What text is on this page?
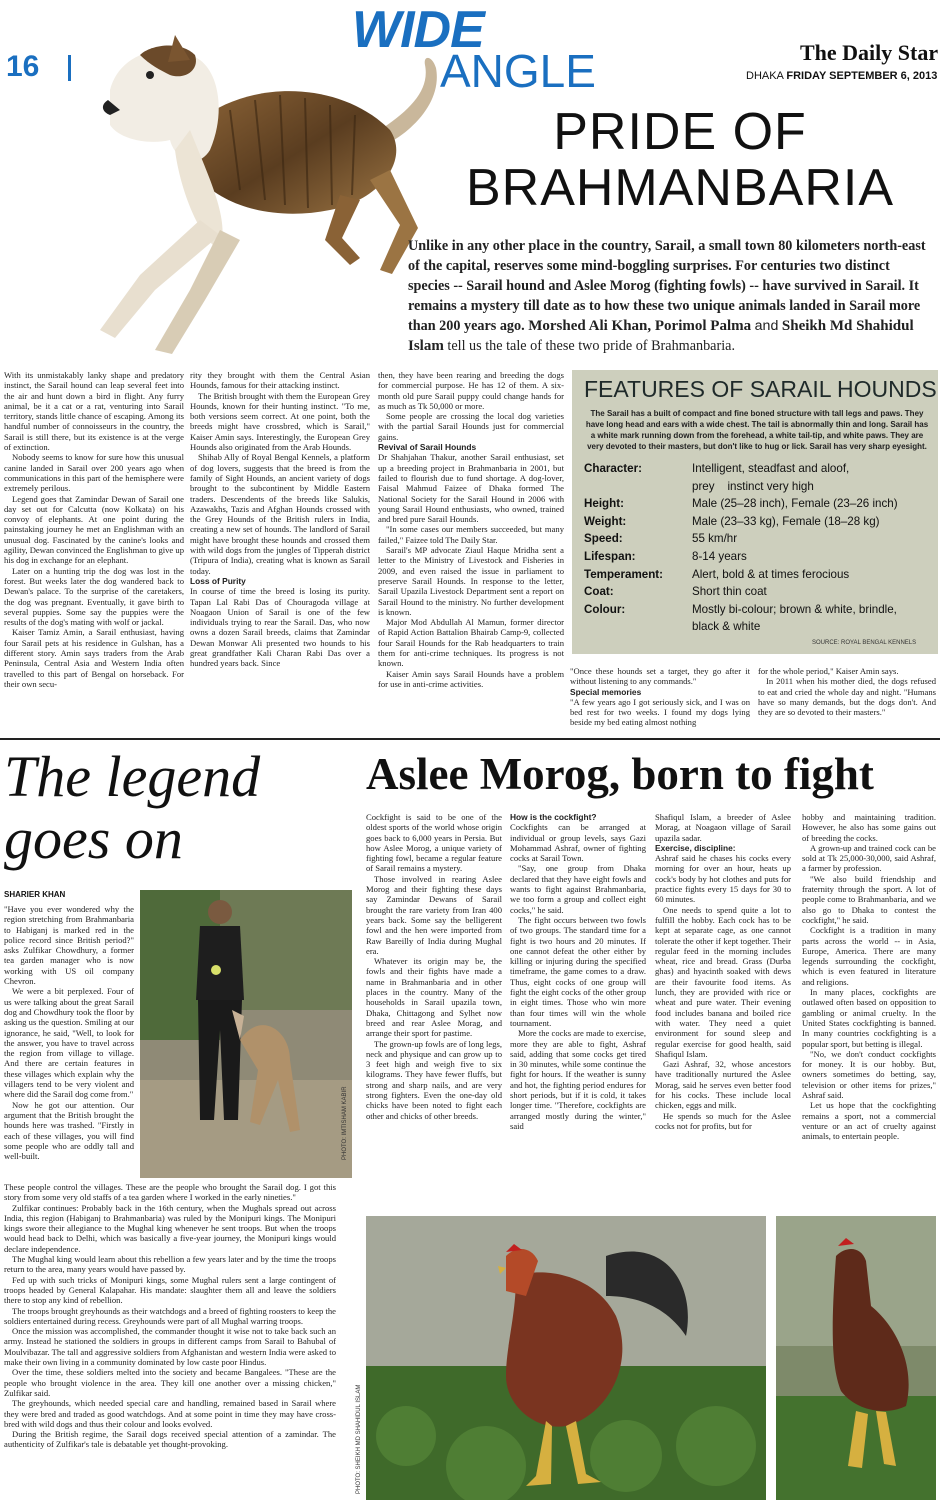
16
WIDE
ANGLE	The Daily Star
DHAKA FRIDAY SEPTEMBER 6, 2013
PRIDE OF
BRAHMANBARIA
Unlike in any other place in the country, Sarail, a small town 80 kilometers north-east of the capital, reserves some mind-boggling surprises. For centuries two distinct species -- Sarail hound and Aslee Morog (fighting fowls) -- have survived in Sarail. It remains a mystery till date as to how these two unique animals landed in Sarail more than 200 years ago. Morshed Ali Khan, Porimol Palma and Sheikh Md Shahidul Islam tell us the tale of these two pride of Brahmanbaria.

With its unmistakably lanky shape and predatory instinct, the Sarail hound can leap several feet into the air and hunt down a bird in flight. Any furry animal, be it a cat or a rat, venturing into Sarail territory, stands little chance of escaping. Among its handful number of connoisseurs in the country, the Sarail is still there, but its existence is at the verge of extinction.

Nobody seems to know for sure how this unusual canine landed in Sarail over 200 years ago when communications in this part of the hemisphere were extremely perilous.

Legend goes that Zamindar Dewan of Sarail one day set out for Calcutta (now Kolkata) on his convoy of elephants. At one point during the painstaking journey he met an Englishman with an unusual dog. Fascinated by the canine's looks and agility, Dewan convinced the Englishman to give up his dog in exchange for an elephant.

Later on a hunting trip the dog was lost in the forest. But weeks later the dog wandered back to Dewan's palace. To the surprise of the caretakers, the dog was pregnant. Eventually, it gave birth to several puppies. Some say the puppies were the results of the dog's mating with wolf or jackal.

Kaiser Tamiz Amin, a Sarail enthusiast, having four Sarail pets at his residence in Gulshan, has a different story. Amin says traders from the Arab Peninsula, Central Asia and Western India often travelled to this part of Bengal on horseback. For their own secu-

rity they brought with them the Central Asian Hounds, famous for their attacking instinct.

The British brought with them the European Grey Hounds, known for their hunting instinct. "To me, both versions seem correct. At one point, both the breeds might have crossbred, which is Sarail," Kaiser Amin says. Interestingly, the European Grey Hounds also originated from the Arab Hounds.

Shihab Ally of Royal Bengal Kennels, a platform of dog lovers, suggests that the breed is from the family of Sight Hounds, an ancient variety of dogs brought to the subcontinent by Middle Eastern traders. Descendents of the breeds like Salukis, Azawakhs, Tazis and Afghan Hounds crossed with the Grey Hounds of the British rulers in India, creating a new set of hounds. The landlord of Sarail might have brought these hounds and crossed them with wild dogs from the jungles of Tipperah district (Tripura of India), creating what is known as Sarail today.

Loss of Purity

In course of time the breed is losing its purity. Tapan Lal Rabi Das of Chouragoda village at Noagaon Union of Sarail is one of the few individuals trying to rear the Sarail. Das, who now owns a dozen Sarail breeds, claims that Zamindar Dewan Monwar Ali presented two hounds to his great grandfather Kali Charan Rabi Das over a hundred years back. Since

then, they have been rearing and breeding the dogs for commercial purpose. He has 12 of them. A six-month old pure Sarail puppy could change hands for as much as Tk 50,000 or more.

Some people are crossing the local dog varieties with the partial Sarail Hounds just for commercial gains.

Revival of Sarail Hounds

Dr Shahjahan Thakur, another Sarail enthusiast, set up a breeding project in Brahmanbaria in 2001, but failed to flourish due to fund shortage. A dog-lover, Faisal Mahmud Faizee of Dhaka formed The National Society for the Sarail Hound in 2006 with young Sarail Hound enthusiasts, who owned, trained and bred pure Sarail Hounds.

"In some cases our members succeeded, but many failed," Faizee told The Daily Star.

Sarail's MP advocate Ziaul Haque Mridha sent a letter to the Ministry of Livestock and Fisheries in 2009, and even raised the issue in parliament to preserve Sarail Hounds. In response to the letter, Sarail Upazila Livestock Department sent a report on Sarail Hound to the ministry. No further development is known.

Major Mod Abdullah Al Mamun, former director of Rapid Action Battalion Bhairab Camp-9, collected four Sarail Hounds for the Rab headquarters to train them for anti-crime techniques. Its progress is not known.

Kaiser Amin says Sarail Hounds have a problem for use in anti-crime activities.

FEATURES OF SARAIL HOUNDS
The Sarail has a built of compact and fine boned structure with tall legs and paws. They have long head and ears with a wide chest. The tail is abnormally thin and long. Sarail has a white mark running down from the forehead, a white tail-tip, and white paws. They are very devoted to their masters, but don't like to hug or lick. Sarail has very sharp eyesight.
Character:	Intelligent, steadfast and aloof,
prey    instinct very high
Height:	Male (25–28 inch), Female (23–26 inch)
Weight:	Male (23–33 kg), Female (18–28 kg)
Speed:	55 km/hr
Lifespan:	8-14 years
Temperament:	Alert, bold & at times ferocious
Coat:	Short thin coat
Colour:	Mostly bi-colour; brown & white, brindle,
black & white
SOURCE: ROYAL BENGAL KENNELS

"Once these hounds set a target, they go after it without listening to any commands."

Special memories

"A few years ago I got seriously sick, and I was on bed rest for two weeks. I found my dogs lying beside my bed eating almost nothing

for the whole period," Kaiser Amin says.

In 2011 when his mother died, the dogs refused to eat and cried the whole day and night. "Humans have so many demands, but the dogs don't. And they are so devoted to their masters."

The legend
goes on
SHARIER KHAN

"Have you ever wondered why the region stretching from Brahmanbaria to Habiganj is marked red in the police record since British period?" asks Zulfikar Chowdhury, a former tea garden manager who is now working with US oil company Chevron.

We were a bit perplexed. Four of us were talking about the great Sarail dog and Chowdhury took the floor by asking us the question. Smiling at our ignorance, he said, "Well, to look for the answer, you have to travel across the region from village to village. And there are certain features in these villages which explain why the villagers tend to be very violent and where did the Sarail dog come from."

Now he got our attention. Our argument that the British brought the hounds here was trashed. "Firstly in each of these villages, you will find some people who are oddly tall and well-built.	PHOTO: IMTISHAM KABIR

These people control the villages. These are the people who brought the Sarail dog. I got this story from some very old staffs of a tea garden where I worked in the early nineties."

Zulfikar continues: Probably back in the 16th century, when the Mughals spread out across India, this region (Habiganj to Brahmanbaria) was ruled by the Monipuri kings. The Monipuri kings swore their allegiance to the Mughal king whenever he sent troops. But when the troops would head back to Delhi, which was basically a five-year journey, the Monipuri kings would declare independence.

The Mughal king would learn about this rebellion a few years later and by the time the troops return to the area, many years would have passed by.

Fed up with such tricks of Monipuri kings, some Mughal rulers sent a large contingent of troops headed by General Kalapahar. His mandate: slaughter them all and leave the soldiers there to stop any kind of rebellion.

The troops brought greyhounds as their watchdogs and a breed of fighting roosters to keep the soldiers entertained during recess. Greyhounds were part of all Mughal warring troops.

Once the mission was accomplished, the commander thought it wise not to take back such an army. Instead he stationed the soldiers in groups in different camps from Sarail to Bahubal of Moulvibazar. The tall and aggressive soldiers from Afghanistan and western India were asked to make their own living in a community dominated by low caste poor Hindus.

Over the time, these soldiers melted into the society and became Bangalees. "These are the people who brought violence in the area. They kill one another over a missing chicken," Zulfikar said.

The greyhounds, which needed special care and handling, remained based in Sarail where they were bred and traded as good watchdogs. And at some point in time they may have cross-bred with wild dogs and thus their colour and looks evolved.

During the British regime, the Sarail dogs received special attention of a zamindar. The authenticity of Zulfikar's tale is debatable yet thought-provoking.

Aslee Morog, born to fight

Cockfight is said to be one of the oldest sports of the world whose origin goes back to 6,000 years in Persia. But how Aslee Morog, a unique variety of fighting fowl, became a regular feature of Sarail remains a mystery.

Those involved in rearing Aslee Morog and their fighting these days say Zamindar Dewans of Sarail brought the rare variety from Iran 400 years back. Some say the belligerent fowl and the hen were imported from Raw Bareilly of India during Mughal era.

Whatever its origin may be, the fowls and their fights have made a name in Brahmanbaria and in other places in the country. Many of the households in Sarail upazila town, Dhaka, Chittagong and Sylhet now breed and rear Aslee Morag, and arrange their sport for pastime.

The grown-up fowls are of long legs, neck and physique and can grow up to 3 feet high and weigh five to six kilograms. They have fewer fluffs, but strong and sharp nails, and are very strong fighters. Even the one-day old chicks have been noted to fight each other and chicks of other breeds.

How is the cockfight?

Cockfights can be arranged at individual or group levels, says Gazi Mohammad Ashraf, owner of fighting cocks at Sarail Town.

"Say, one group from Dhaka declared that they have eight fowls and wants to fight against Brahmanbaria, we too form a group and collect eight cocks," he said.

The fight occurs between two fowls of two groups. The standard time for a fight is two hours and 20 minutes. If one cannot defeat the other either by killing or injuring during the specified timeframe, the game comes to a draw. Thus, eight cocks of one group will fight the eight cocks of the other group in eight times. Those who win more than four times will win the whole tournament.

More the cocks are made to exercise, more they are able to fight, Ashraf said, adding that some cocks get tired in 30 minutes, while some continue the fight for hours. If the weather is sunny and hot, the fighting period endures for short periods, but if it is cold, it takes longer time. "Therefore, cockfights are arranged mostly during the winter," said

Shafiqul Islam, a breeder of Aslee Morag, at Noagaon village of Sarail upazila sadar.

Exercise, discipline:

Ashraf said he chases his cocks every morning for over an hour, heats up cock's body by hot clothes and puts for practice fights every 15 days for 30 to 60 minutes.

One needs to spend quite a lot to fulfill the hobby. Each cock has to be kept at separate cage, as one cannot tolerate the other if kept together. Their regular feed in the morning includes wheat, rice and bread. Grass (Durba ghas) and hyacinth soaked with dews are their favourite food items. As lunch, they are provided with rice or wheat and pure water. Their evening food includes banana and boiled rice with water. They need a quiet environment for sound sleep and regular exercise for good health, said Shafiqul Islam.

Gazi Ashraf, 32, whose ancestors have traditionally nurtured the Aslee Morag, said he serves even better food for his cocks. These include local chicken, eggs and milk.

He spends so much for the Aslee cocks not for profits, but for

hobby and maintaining tradition. However, he also has some gains out of breeding the cocks.

A grown-up and trained cock can be sold at Tk 25,000-30,000, said Ashraf, a farmer by profession.

"We also build friendship and fraternity through the sport. A lot of people come to Brahmanbaria, and we also go to Dhaka to contest the cockfight," he said.

Cockfight is a tradition in many parts across the world -- in Asia, Europe, America. There are many legends surrounding the cockfight, which is even featured in literature and religions.

In many places, cockfights are outlawed often based on opposition to gambling or animal cruelty. In the United States cockfighting is banned. In many countries cockfighting is a popular sport, but betting is illegal.

"No, we don't conduct cockfights for money. It is our hobby. But, owners sometimes do betting, say, television or other items for prizes," Ashraf said.

Let us hope that the cockfighting remains a sport, not a commercial venture or an act of cruelty against animals, to entertain people.

PHOTO: SHEIKH MD SHAHIDUL ISLAM
